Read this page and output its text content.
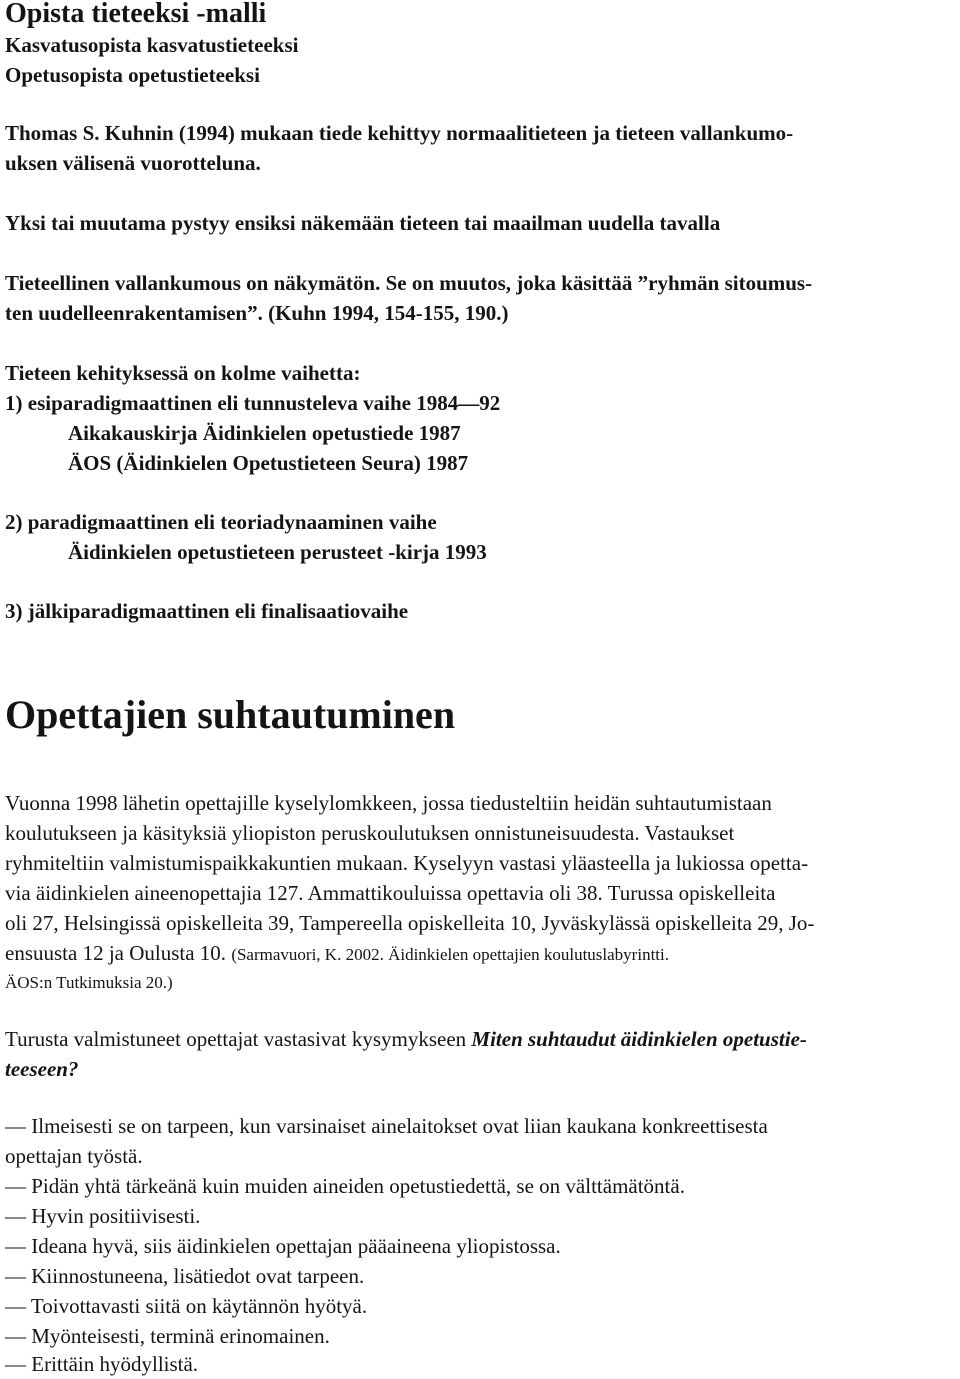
Opista tieteeksi -malli
Kasvatusopista kasvatustieteeksi
Opetusopista opetustieteeksi
Thomas S. Kuhnin (1994) mukaan tiede kehittyy normaalitieteen ja tieteen vallankumo-
uksen välisenä vuorotteluna.
Yksi tai muutama pystyy ensiksi näkemään tieteen tai maailman uudella tavalla
Tieteellinen vallankumous on näkymätön. Se on muutos, joka käsittää ”ryhmän sitoumus-
ten uudelleenrakentamisen”. (Kuhn 1994, 154-155, 190.)
Tieteen kehityksessä on kolme vaihetta:
1) esiparadigmaattinen eli tunnusteleva vaihe 1984—92
Aikakauskirja Äidinkielen opetustiede 1987
ÄOS (Äidinkielen Opetustieteen Seura) 1987
2) paradigmaattinen eli teoriadynaaminen vaihe
Äidinkielen opetustieteen perusteet -kirja 1993
3) jälkiparadigmaattinen eli finalisaatiovaihe
Opettajien suhtautuminen
Vuonna 1998 lähetin opettajille kyselylomkkeen, jossa tiedusteltiin heidän suhtautumistaan
koulutukseen ja käsityksiä yliopiston peruskoulutuksen onnistuneisuudesta. Vastaukset
ryhmiteltiin valmistumispaikkakuntien mukaan. Kyselyyn vastasi yläasteella ja lukiossa opetta-
via äidinkielen aineenopettajia 127. Ammattikouluissa opettavia oli 38. Turussa opiskelleita
oli 27, Helsingissä opiskelleita 39, Tampereella opiskelleita 10, Jyväskylässä opiskelleita 29, Jo-
ensuusta 12 ja Oulusta 10. (Sarmavuori, K. 2002. Äidinkielen opettajien koulutuslabyrintti.
ÄOS:n Tutkimuksia 20.)
Turusta valmistuneet opettajat vastasivat kysymykseen Miten suhtaudut äidinkielen opetustie-
teeseen?
— Ilmeisesti se on tarpeen, kun varsinaiset ainelaitokset ovat liian kaukana konkreettisesta
opettajan työstä.
— Pidän yhtä tärkeänä kuin muiden aineiden opetustiedettä, se on välttämätöntä.
— Hyvin positiivisesti.
— Ideana hyvä, siis äidinkielen opettajan pääaineena yliopistossa.
— Kiinnostuneena, lisätiedot ovat tarpeen.
— Toivottavasti siitä on käytännön hyötyä.
— Myönteisesti, terminä erinomainen.
— Erittäin hyödyllistä.
